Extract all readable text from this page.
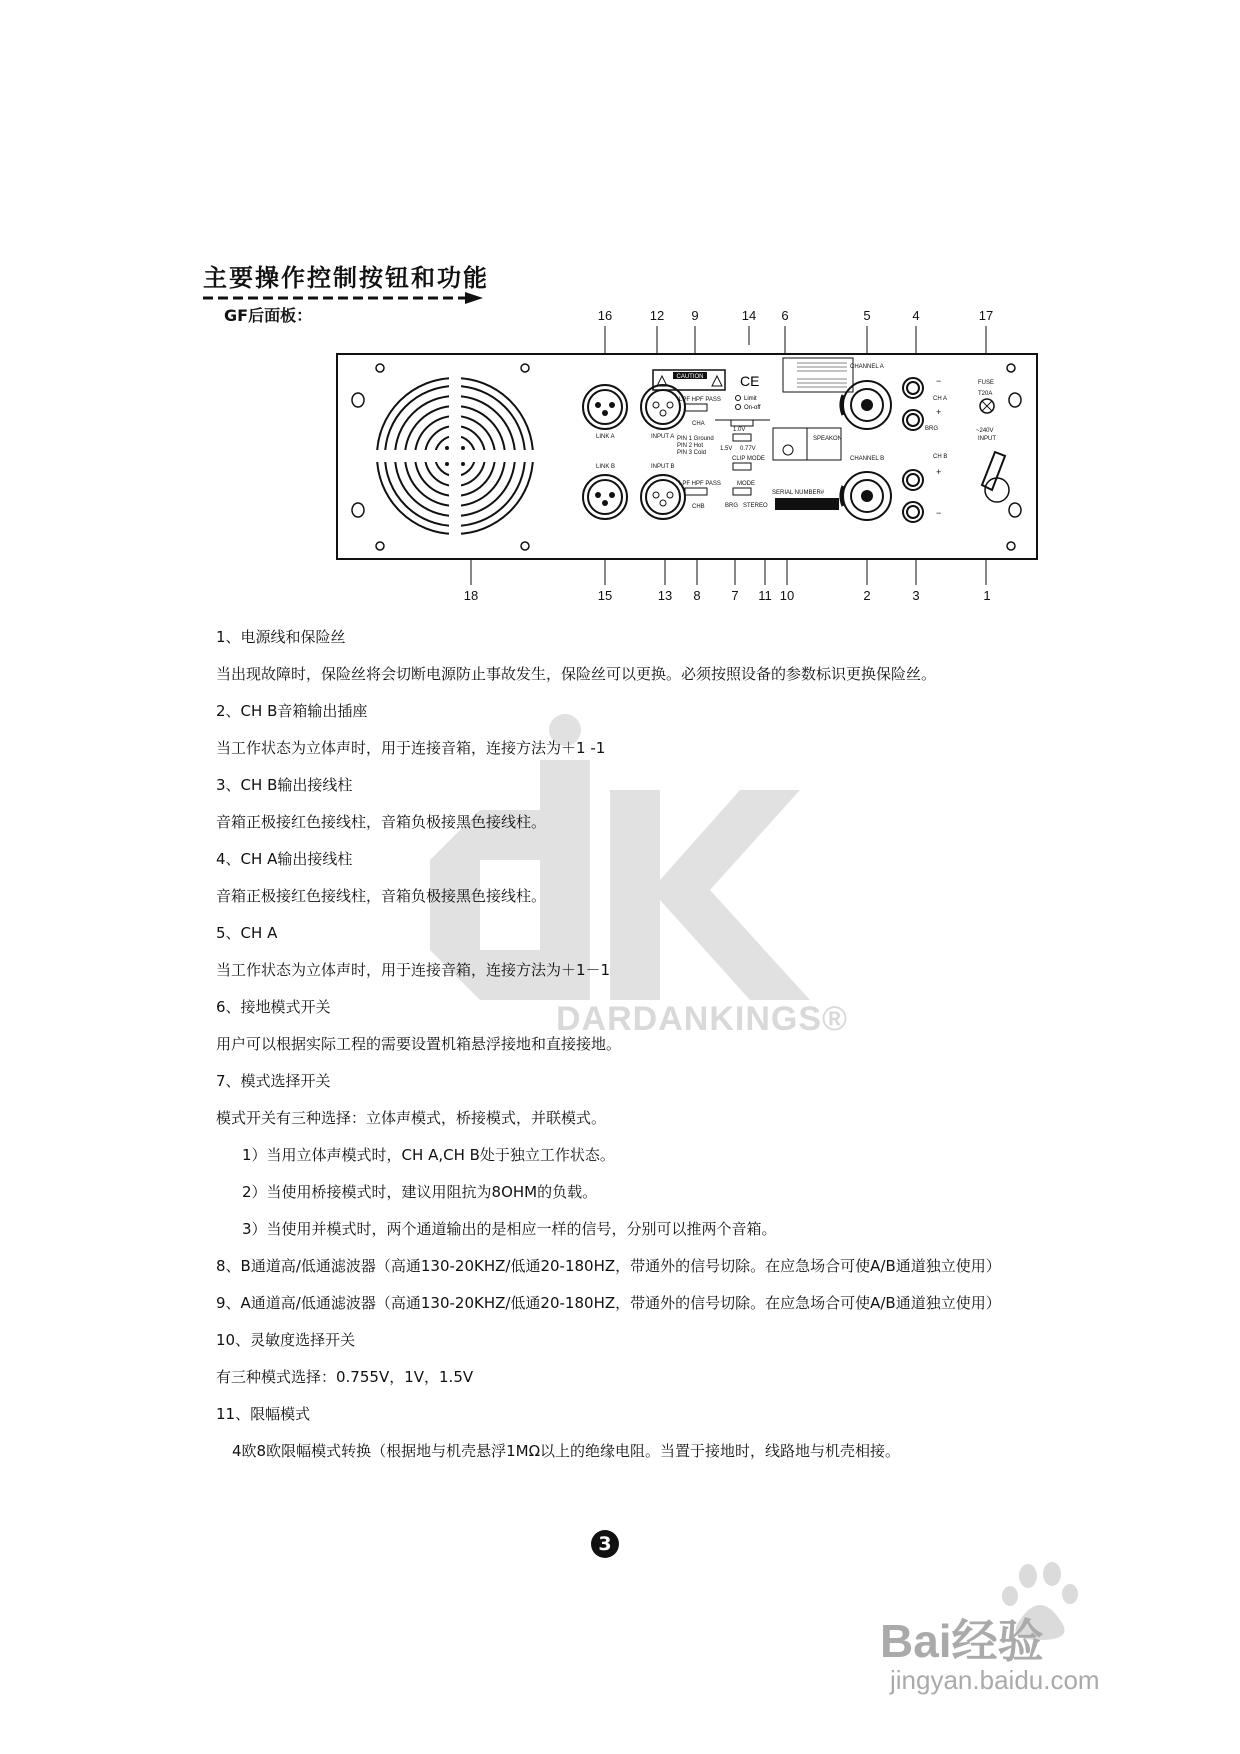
主要操作控制按钮和功能
GF后面板：	16	12 9	14 6	5	4	17
18	15	13 8 7 11 10	2	3	1
CAUTION	CE
Limit
On-off
LPF HPF PASS
CHA
LPF HPF PASS
CHB
LINK A
LINK B
INPUT A
INPUT B
PIN 1 Ground
PIN 2 Hot
PIN 3 Cold
1.0V
1.5V 0.77V
CLIP MODE
MODE
BRG STEREO
SERIAL NUMBER#
CHANNEL A
CHANNEL B
SPEAKON
CH A
CH B
BRG
FUSE
T20A
~240V
INPUT
−
+
+
−
DARDANKINGS®
1、电源线和保险丝
当出现故障时，保险丝将会切断电源防止事故发生，保险丝可以更换。必须按照设备的参数标识更换保险丝。
2、CH B音箱输出插座
当工作状态为立体声时，用于连接音箱，连接方法为＋1 -1
3、CH B输出接线柱
音箱正极接红色接线柱，音箱负极接黑色接线柱。
4、CH A输出接线柱
音箱正极接红色接线柱，音箱负极接黑色接线柱。
5、CH A
当工作状态为立体声时，用于连接音箱，连接方法为＋1－1
6、接地模式开关
用户可以根据实际工程的需要设置机箱悬浮接地和直接接地。
7、模式选择开关
模式开关有三种选择：立体声模式，桥接模式，并联模式。
1）当用立体声模式时，CH A,CH B处于独立工作状态。
2）当使用桥接模式时，建议用阻抗为8OHM的负载。
3）当使用并模式时，两个通道输出的是相应一样的信号，分别可以推两个音箱。
8、B通道高/低通滤波器（高通130-20KHZ/低通20-180HZ，带通外的信号切除。在应急场合可使A/B通道独立使用）
9、A通道高/低通滤波器（高通130-20KHZ/低通20-180HZ，带通外的信号切除。在应急场合可使A/B通道独立使用）
10、灵敏度选择开关
有三种模式选择：0.755V，1V，1.5V
11、限幅模式
4欧8欧限幅模式转换（根据地与机壳悬浮1MΩ以上的绝缘电阻。当置于接地时，线路地与机壳相接。
3
Bai经验
jingyan.baidu.com
